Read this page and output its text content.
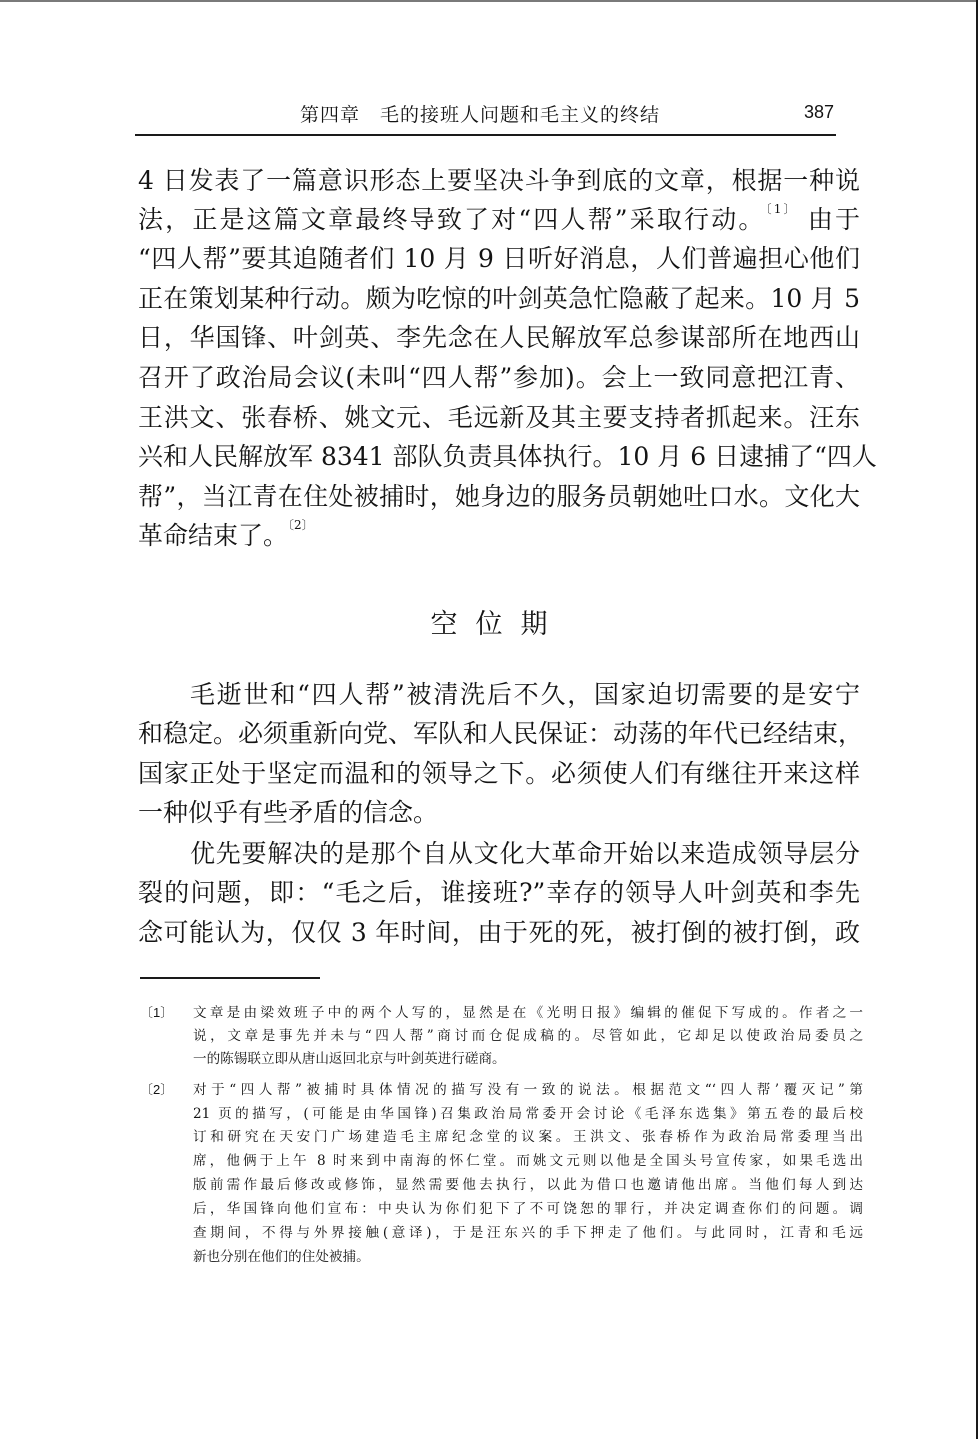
第四章 毛的接班人问题和毛主义的终结	387
4 日发表了一篇意识形态上要坚决斗争到底的文章，根据一种说
法，正是这篇文章最终导致了对“四人帮”采取行动。$^{〔1〕}$ 由于
“四人帮”要其追随者们 10 月 9 日听好消息，人们普遍担心他们
正在策划某种行动。颇为吃惊的叶剑英急忙隐蔽了起来。10 月 5
日，华国锋、叶剑英、李先念在人民解放军总参谋部所在地西山
召开了政治局会议(未叫“四人帮”参加)。会上一致同意把江青、
王洪文、张春桥、姚文元、毛远新及其主要支持者抓起来。汪东
兴和人民解放军 8341 部队负责具体执行。10 月 6 日逮捕了“四人
帮”，当江青在住处被捕时，她身边的服务员朝她吐口水。文化大
革命结束了。$^{〔2〕}$
空位期
毛逝世和“四人帮”被清洗后不久，国家迫切需要的是安宁
和稳定。必须重新向党、军队和人民保证：动荡的年代已经结束，
国家正处于坚定而温和的领导之下。必须使人们有继往开来这样
一种似乎有些矛盾的信念。
优先要解决的是那个自从文化大革命开始以来造成领导层分
裂的问题，即：“毛之后，谁接班?”幸存的领导人叶剑英和李先
念可能认为，仅仅 3 年时间，由于死的死，被打倒的被打倒，政
〔1〕 文章是由梁效班子中的两个人写的，显然是在《光明日报》编辑的催促下写成的。作者之一
说，文章是事先并未与“四人帮”商讨而仓促成稿的。尽管如此，它却足以使政治局委员之
一的陈锡联立即从唐山返回北京与叶剑英进行磋商。
〔2〕 对于“四人帮”被捕时具体情况的描写没有一致的说法。根据范文“‘四人帮’覆灭记”第
21 页的描写，(可能是由华国锋)召集政治局常委开会讨论《毛泽东选集》第五卷的最后校
订和研究在天安门广场建造毛主席纪念堂的议案。王洪文、张春桥作为政治局常委理当出
席，他俩于上午 8 时来到中南海的怀仁堂。而姚文元则以他是全国头号宣传家，如果毛选出
版前需作最后修改或修饰，显然需要他去执行，以此为借口也邀请他出席。当他们每人到达
后，华国锋向他们宣布：中央认为你们犯下了不可饶恕的罪行，并决定调查你们的问题。调
查期间，不得与外界接触(意译)，于是汪东兴的手下押走了他们。与此同时，江青和毛远
新也分别在他们的住处被捕。
